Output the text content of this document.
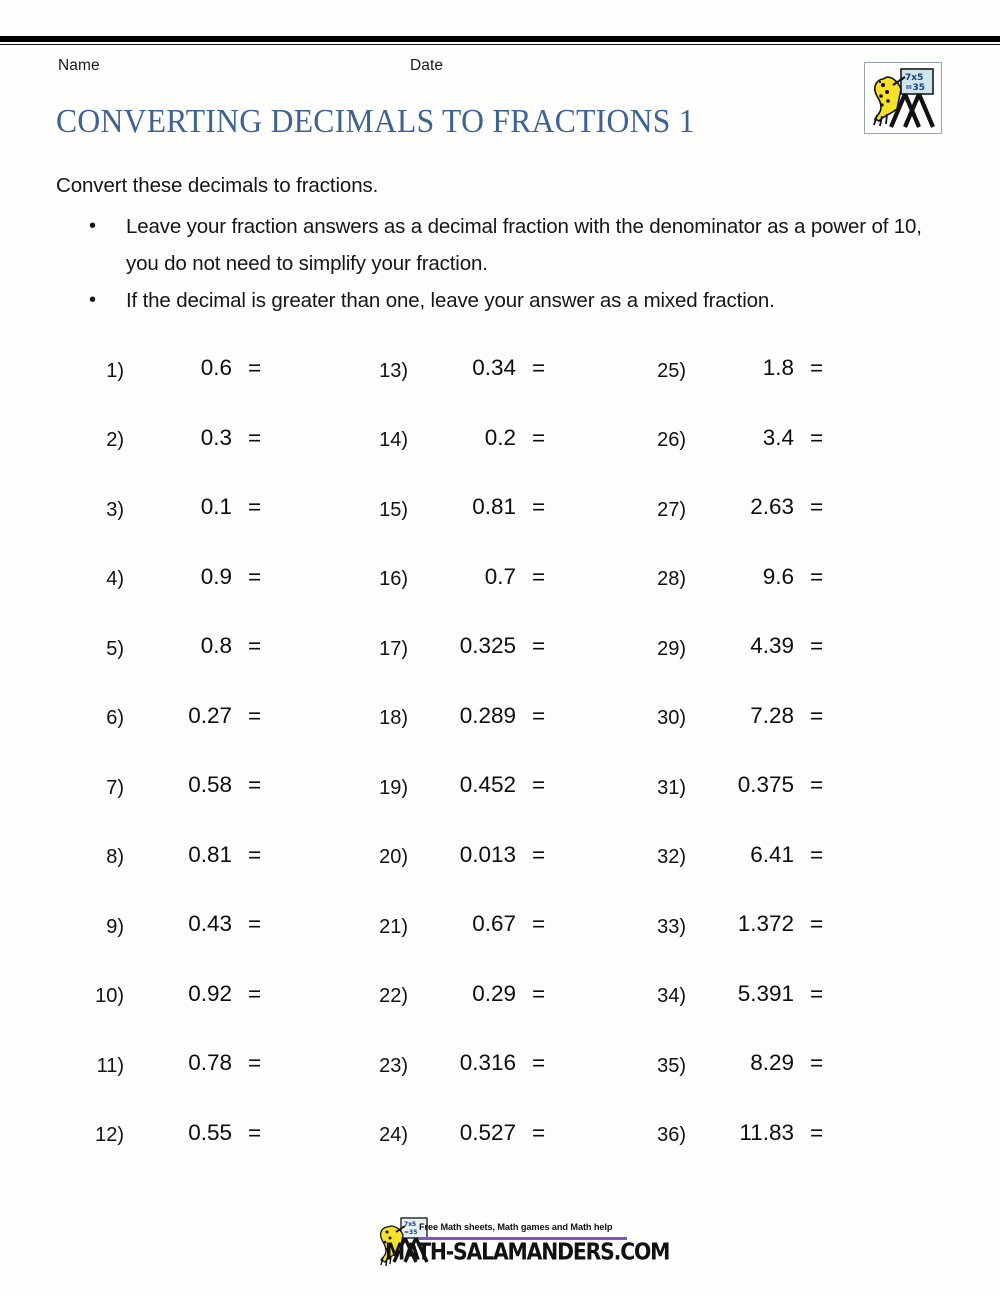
Name	Date
7x5
=35
CONVERTING DECIMALS TO FRACTIONS 1
Convert these decimals to fractions.
• Leave your fraction answers as a decimal fraction with the denominator as a power of 10, you do not need to simplify your fraction.
• If the decimal is greater than one, leave your answer as a mixed fraction.
1)	0.6 =	13)	0.34 =	25)	1.8 =
2)	0.3 =	14)	0.2 =	26)	3.4 =
3)	0.1 =	15)	0.81 =	27)	2.63 =
4)	0.9 =	16)	0.7 =	28)	9.6 =
5)	0.8 =	17)	0.325 =	29)	4.39 =
6)	0.27 =	18)	0.289 =	30)	7.28 =
7)	0.58 =	19)	0.452 =	31)	0.375 =
8)	0.81 =	20)	0.013 =	32)	6.41 =
9)	0.43 =	21)	0.67 =	33)	1.372 =
10)	0.92 =	22)	0.29 =	34)	5.391 =
11)	0.78 =	23)	0.316 =	35)	8.29 =
12)	0.55 =	24)	0.527 =	36)	11.83 =
7x5
=35
Free Math sheets, Math games and Math help
MATH-SALAMANDERS.COM
